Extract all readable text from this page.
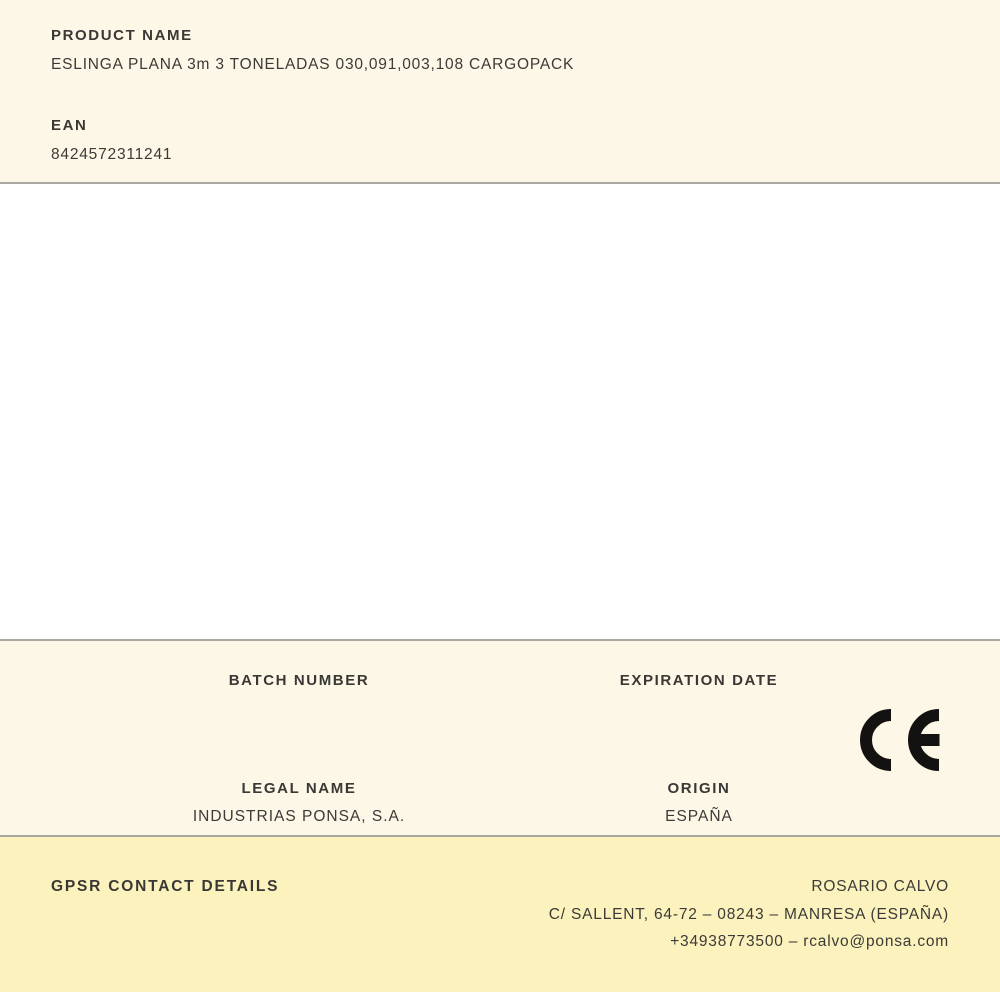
PRODUCT NAME
ESLINGA PLANA 3m 3 TONELADAS 030,091,003,108 CARGOPACK
EAN
8424572311241
BATCH NUMBER
LEGAL NAME
INDUSTRIAS PONSA, S.A.
EXPIRATION DATE
ORIGIN
ESPAÑA
GPSR CONTACT DETAILS	ROSARIO CALVO
C/ SALLENT, 64-72 – 08243 – MANRESA (ESPAÑA)
+34938773500 – rcalvo@ponsa.com
